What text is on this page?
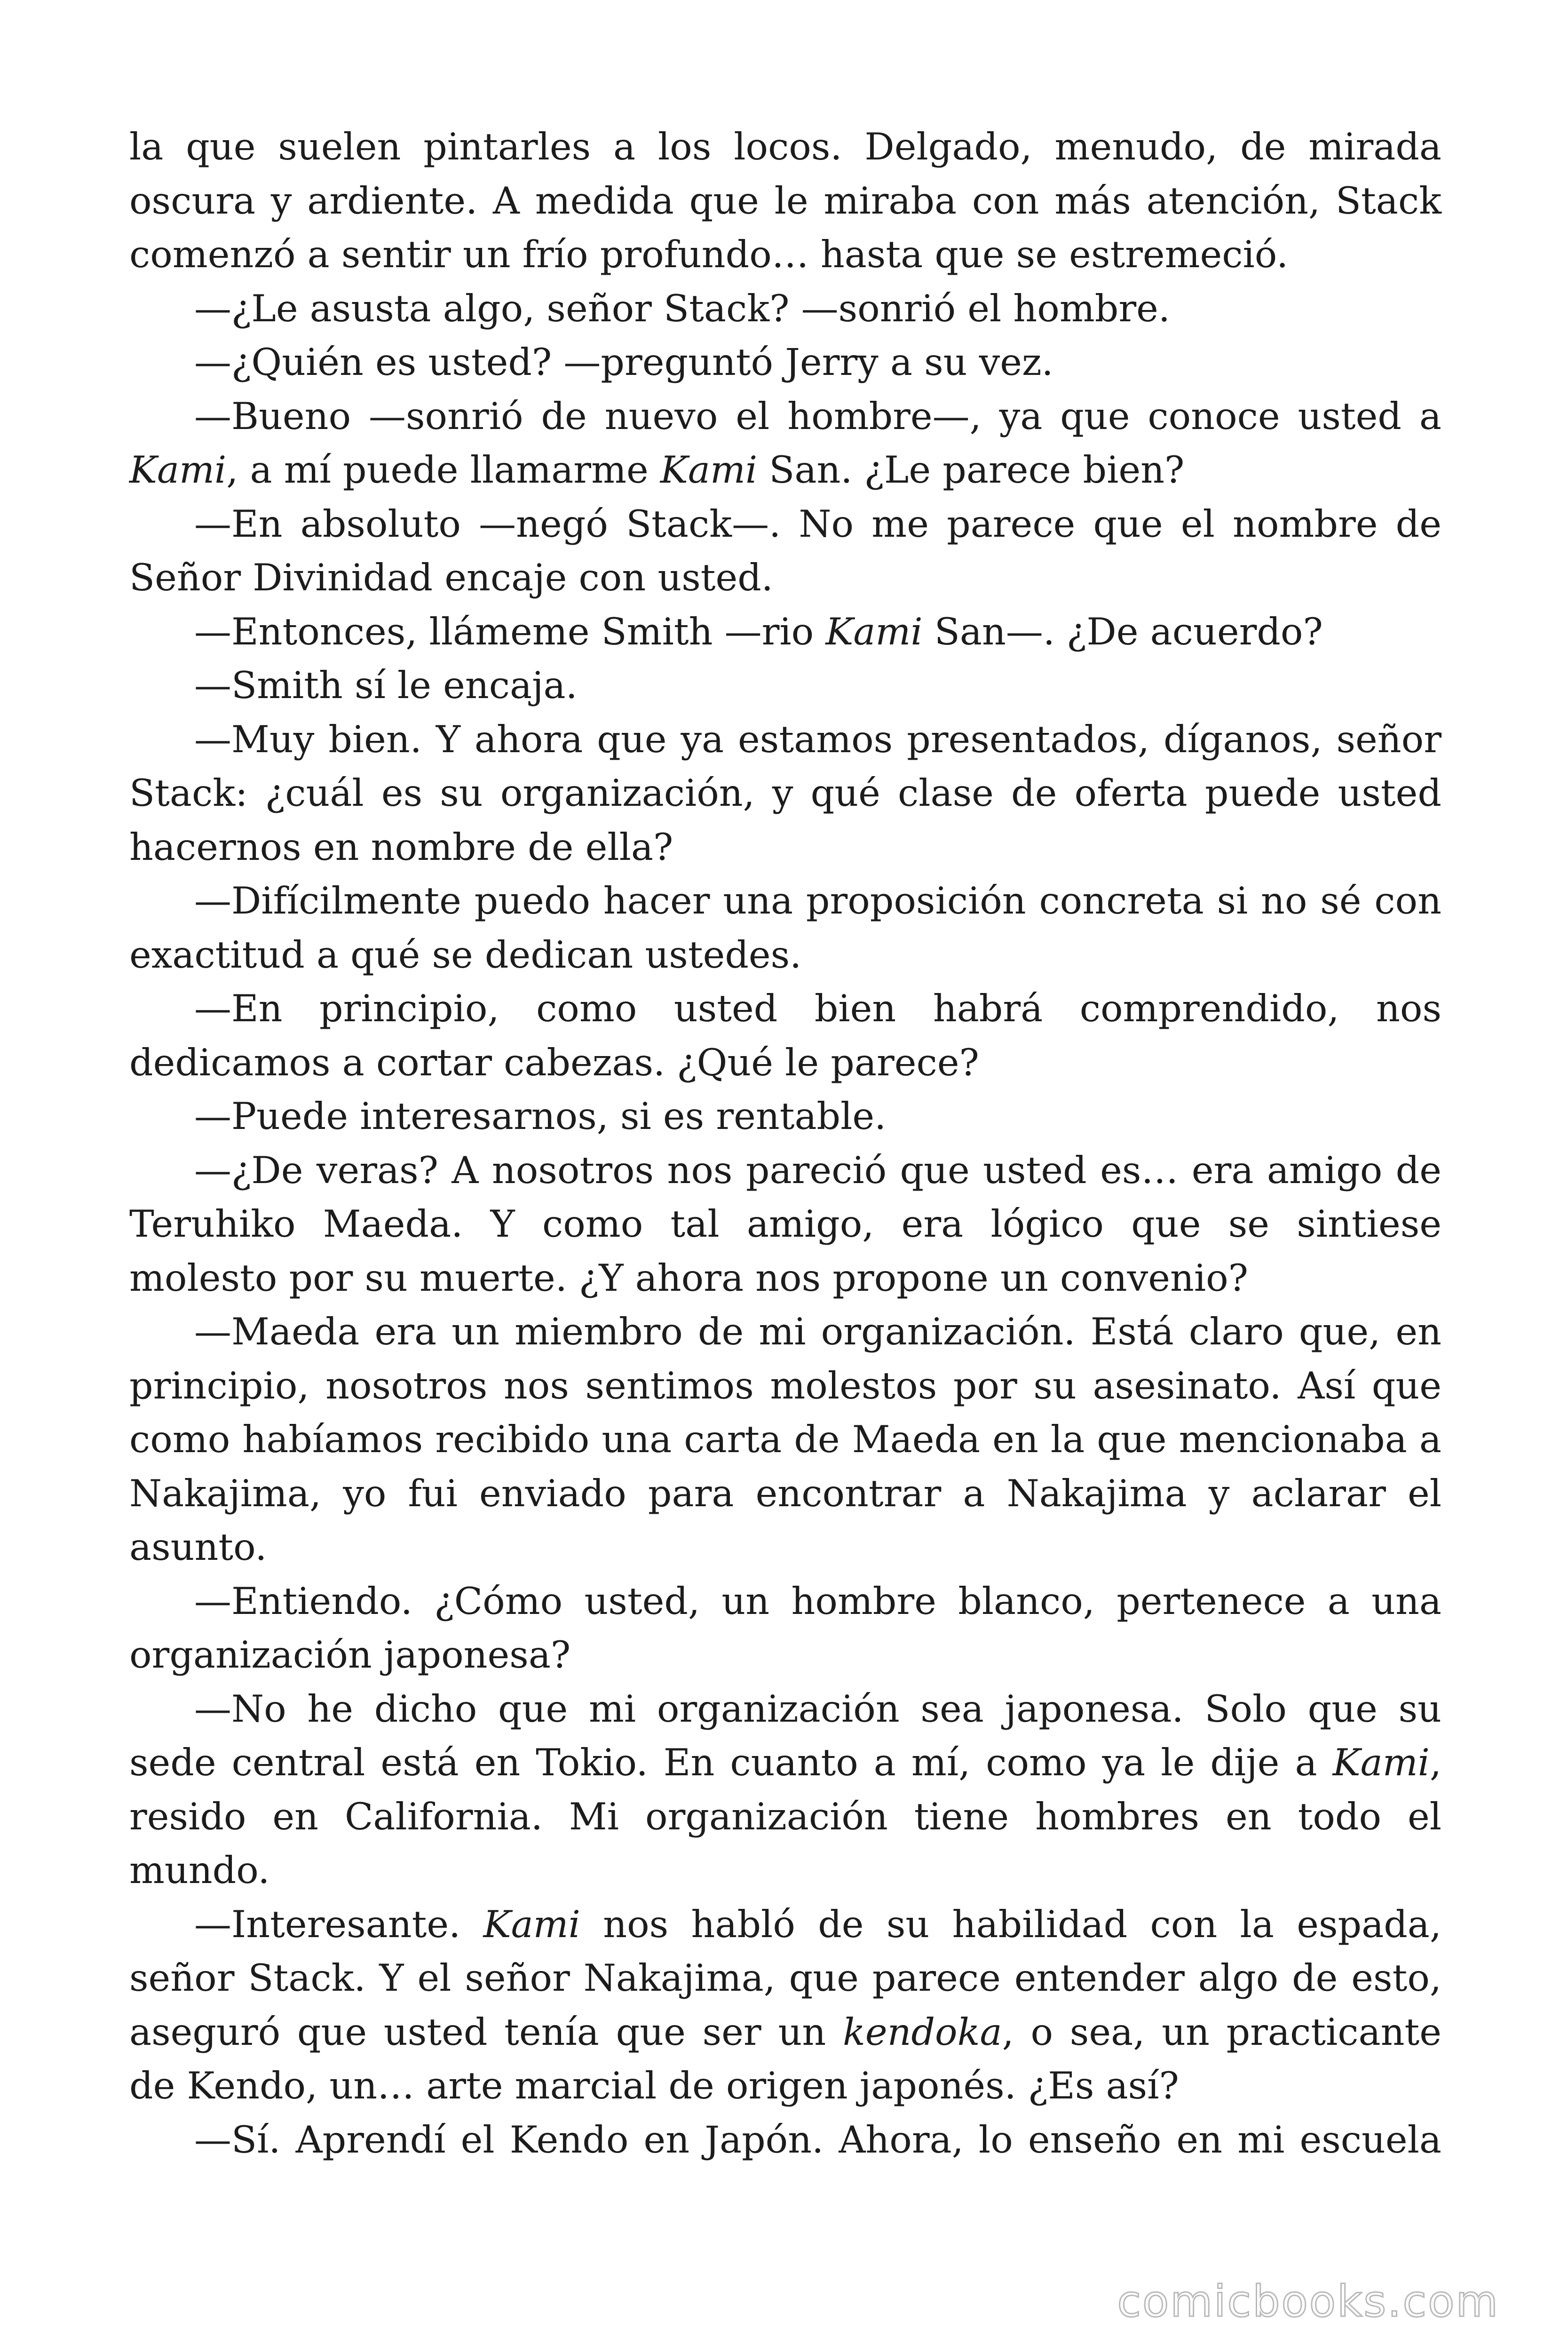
la que suelen pintarles a los locos. Delgado, menudo, de mirada oscura y ardiente. A medida que le miraba con más atención, Stack comenzó a sentir un frío profundo… hasta que se estremeció.

—¿Le asusta algo, señor Stack? —sonrió el hombre.

—¿Quién es usted? —preguntó Jerry a su vez.

—Bueno —sonrió de nuevo el hombre—, ya que conoce usted a Kami, a mí puede llamarme Kami San. ¿Le parece bien?

—En absoluto —negó Stack—. No me parece que el nombre de Señor Divinidad encaje con usted.

—Entonces, llámeme Smith —rio Kami San—. ¿De acuerdo?

—Smith sí le encaja.

—Muy bien. Y ahora que ya estamos presentados, díganos, señor Stack: ¿cuál es su organización, y qué clase de oferta puede usted hacernos en nombre de ella?

—Difícilmente puedo hacer una proposición concreta si no sé con exactitud a qué se dedican ustedes.

—En principio, como usted bien habrá comprendido, nos dedicamos a cortar cabezas. ¿Qué le parece?

—Puede interesarnos, si es rentable.

—¿De veras? A nosotros nos pareció que usted es… era amigo de Teruhiko Maeda. Y como tal amigo, era lógico que se sintiese molesto por su muerte. ¿Y ahora nos propone un convenio?

—Maeda era un miembro de mi organización. Está claro que, en principio, nosotros nos sentimos molestos por su asesinato. Así que como habíamos recibido una carta de Maeda en la que mencionaba a Nakajima, yo fui enviado para encontrar a Nakajima y aclarar el asunto.

—Entiendo. ¿Cómo usted, un hombre blanco, pertenece a una organización japonesa?

—No he dicho que mi organización sea japonesa. Solo que su sede central está en Tokio. En cuanto a mí, como ya le dije a Kami, resido en California. Mi organización tiene hombres en todo el mundo.

—Interesante. Kami nos habló de su habilidad con la espada, señor Stack. Y el señor Nakajima, que parece entender algo de esto, aseguró que usted tenía que ser un kendoka, o sea, un practicante de Kendo, un… arte marcial de origen japonés. ¿Es así?

—Sí. Aprendí el Kendo en Japón. Ahora, lo enseño en mi escuela

comicbooks.com
